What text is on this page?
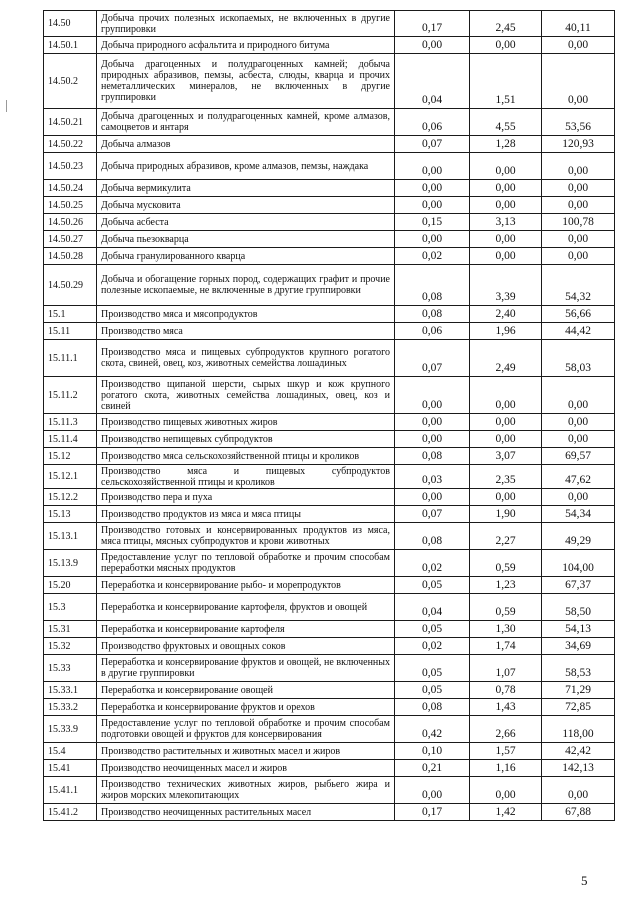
14.50	Добыча прочих полезных ископаемых, не включенных в другие группировки	0,17	2,45	40,11
14.50.1	Добыча природного асфальтита и природного битума	0,00	0,00	0,00
14.50.2	Добыча драгоценных и полудрагоценных камней; добыча природных абразивов, пемзы, асбеста, слюды, кварца и прочих неметаллических минералов, не включенных в другие группировки	0,04	1,51	0,00
14.50.21	Добыча драгоценных и полудрагоценных камней, кроме алмазов, самоцветов и янтаря	0,06	4,55	53,56
14.50.22	Добыча алмазов	0,07	1,28	120,93
14.50.23	Добыча природных абразивов, кроме алмазов, пемзы, наждака	0,00	0,00	0,00
14.50.24	Добыча вермикулита	0,00	0,00	0,00
14.50.25	Добыча мусковита	0,00	0,00	0,00
14.50.26	Добыча асбеста	0,15	3,13	100,78
14.50.27	Добыча пьезокварца	0,00	0,00	0,00
14.50.28	Добыча гранулированного кварца	0,02	0,00	0,00
14.50.29	Добыча и обогащение горных пород, содержащих графит и прочие полезные ископаемые, не включенные в другие группировки	0,08	3,39	54,32
15.1	Производство мяса и мясопродуктов	0,08	2,40	56,66
15.11	Производство мяса	0,06	1,96	44,42
15.11.1	Производство мяса и пищевых субпродуктов крупного рогатого скота, свиней, овец, коз, животных семейства лошадиных	0,07	2,49	58,03
15.11.2	Производство щипаной шерсти, сырых шкур и кож крупного рогатого скота, животных семейства лошадиных, овец, коз и свиней	0,00	0,00	0,00
15.11.3	Производство пищевых животных жиров	0,00	0,00	0,00
15.11.4	Производство непищевых субпродуктов	0,00	0,00	0,00
15.12	Производство мяса сельскохозяйственной птицы и кроликов	0,08	3,07	69,57
15.12.1	Производство мяса и пищевых субпродуктов сельскохозяйственной птицы и кроликов	0,03	2,35	47,62
15.12.2	Производство пера и пуха	0,00	0,00	0,00
15.13	Производство продуктов из мяса и мяса птицы	0,07	1,90	54,34
15.13.1	Производство готовых и консервированных продуктов из мяса, мяса птицы, мясных субпродуктов и крови животных	0,08	2,27	49,29
15.13.9	Предоставление услуг по тепловой обработке и прочим способам переработки мясных продуктов	0,02	0,59	104,00
15.20	Переработка и консервирование рыбо- и морепродуктов	0,05	1,23	67,37
15.3	Переработка и консервирование картофеля, фруктов и овощей	0,04	0,59	58,50
15.31	Переработка и консервирование картофеля	0,05	1,30	54,13
15.32	Производство фруктовых и овощных соков	0,02	1,74	34,69
15.33	Переработка и консервирование фруктов и овощей, не включенных в другие группировки	0,05	1,07	58,53
15.33.1	Переработка и консервирование овощей	0,05	0,78	71,29
15.33.2	Переработка и консервирование фруктов и орехов	0,08	1,43	72,85
15.33.9	Предоставление услуг по тепловой обработке и прочим способам подготовки овощей и фруктов для консервирования	0,42	2,66	118,00
15.4	Производство растительных и животных масел и жиров	0,10	1,57	42,42
15.41	Производство неочищенных масел и жиров	0,21	1,16	142,13
15.41.1	Производство технических животных жиров, рыбьего жира и жиров морских млекопитающих	0,00	0,00	0,00
15.41.2	Производство неочищенных растительных масел	0,17	1,42	67,88
5
